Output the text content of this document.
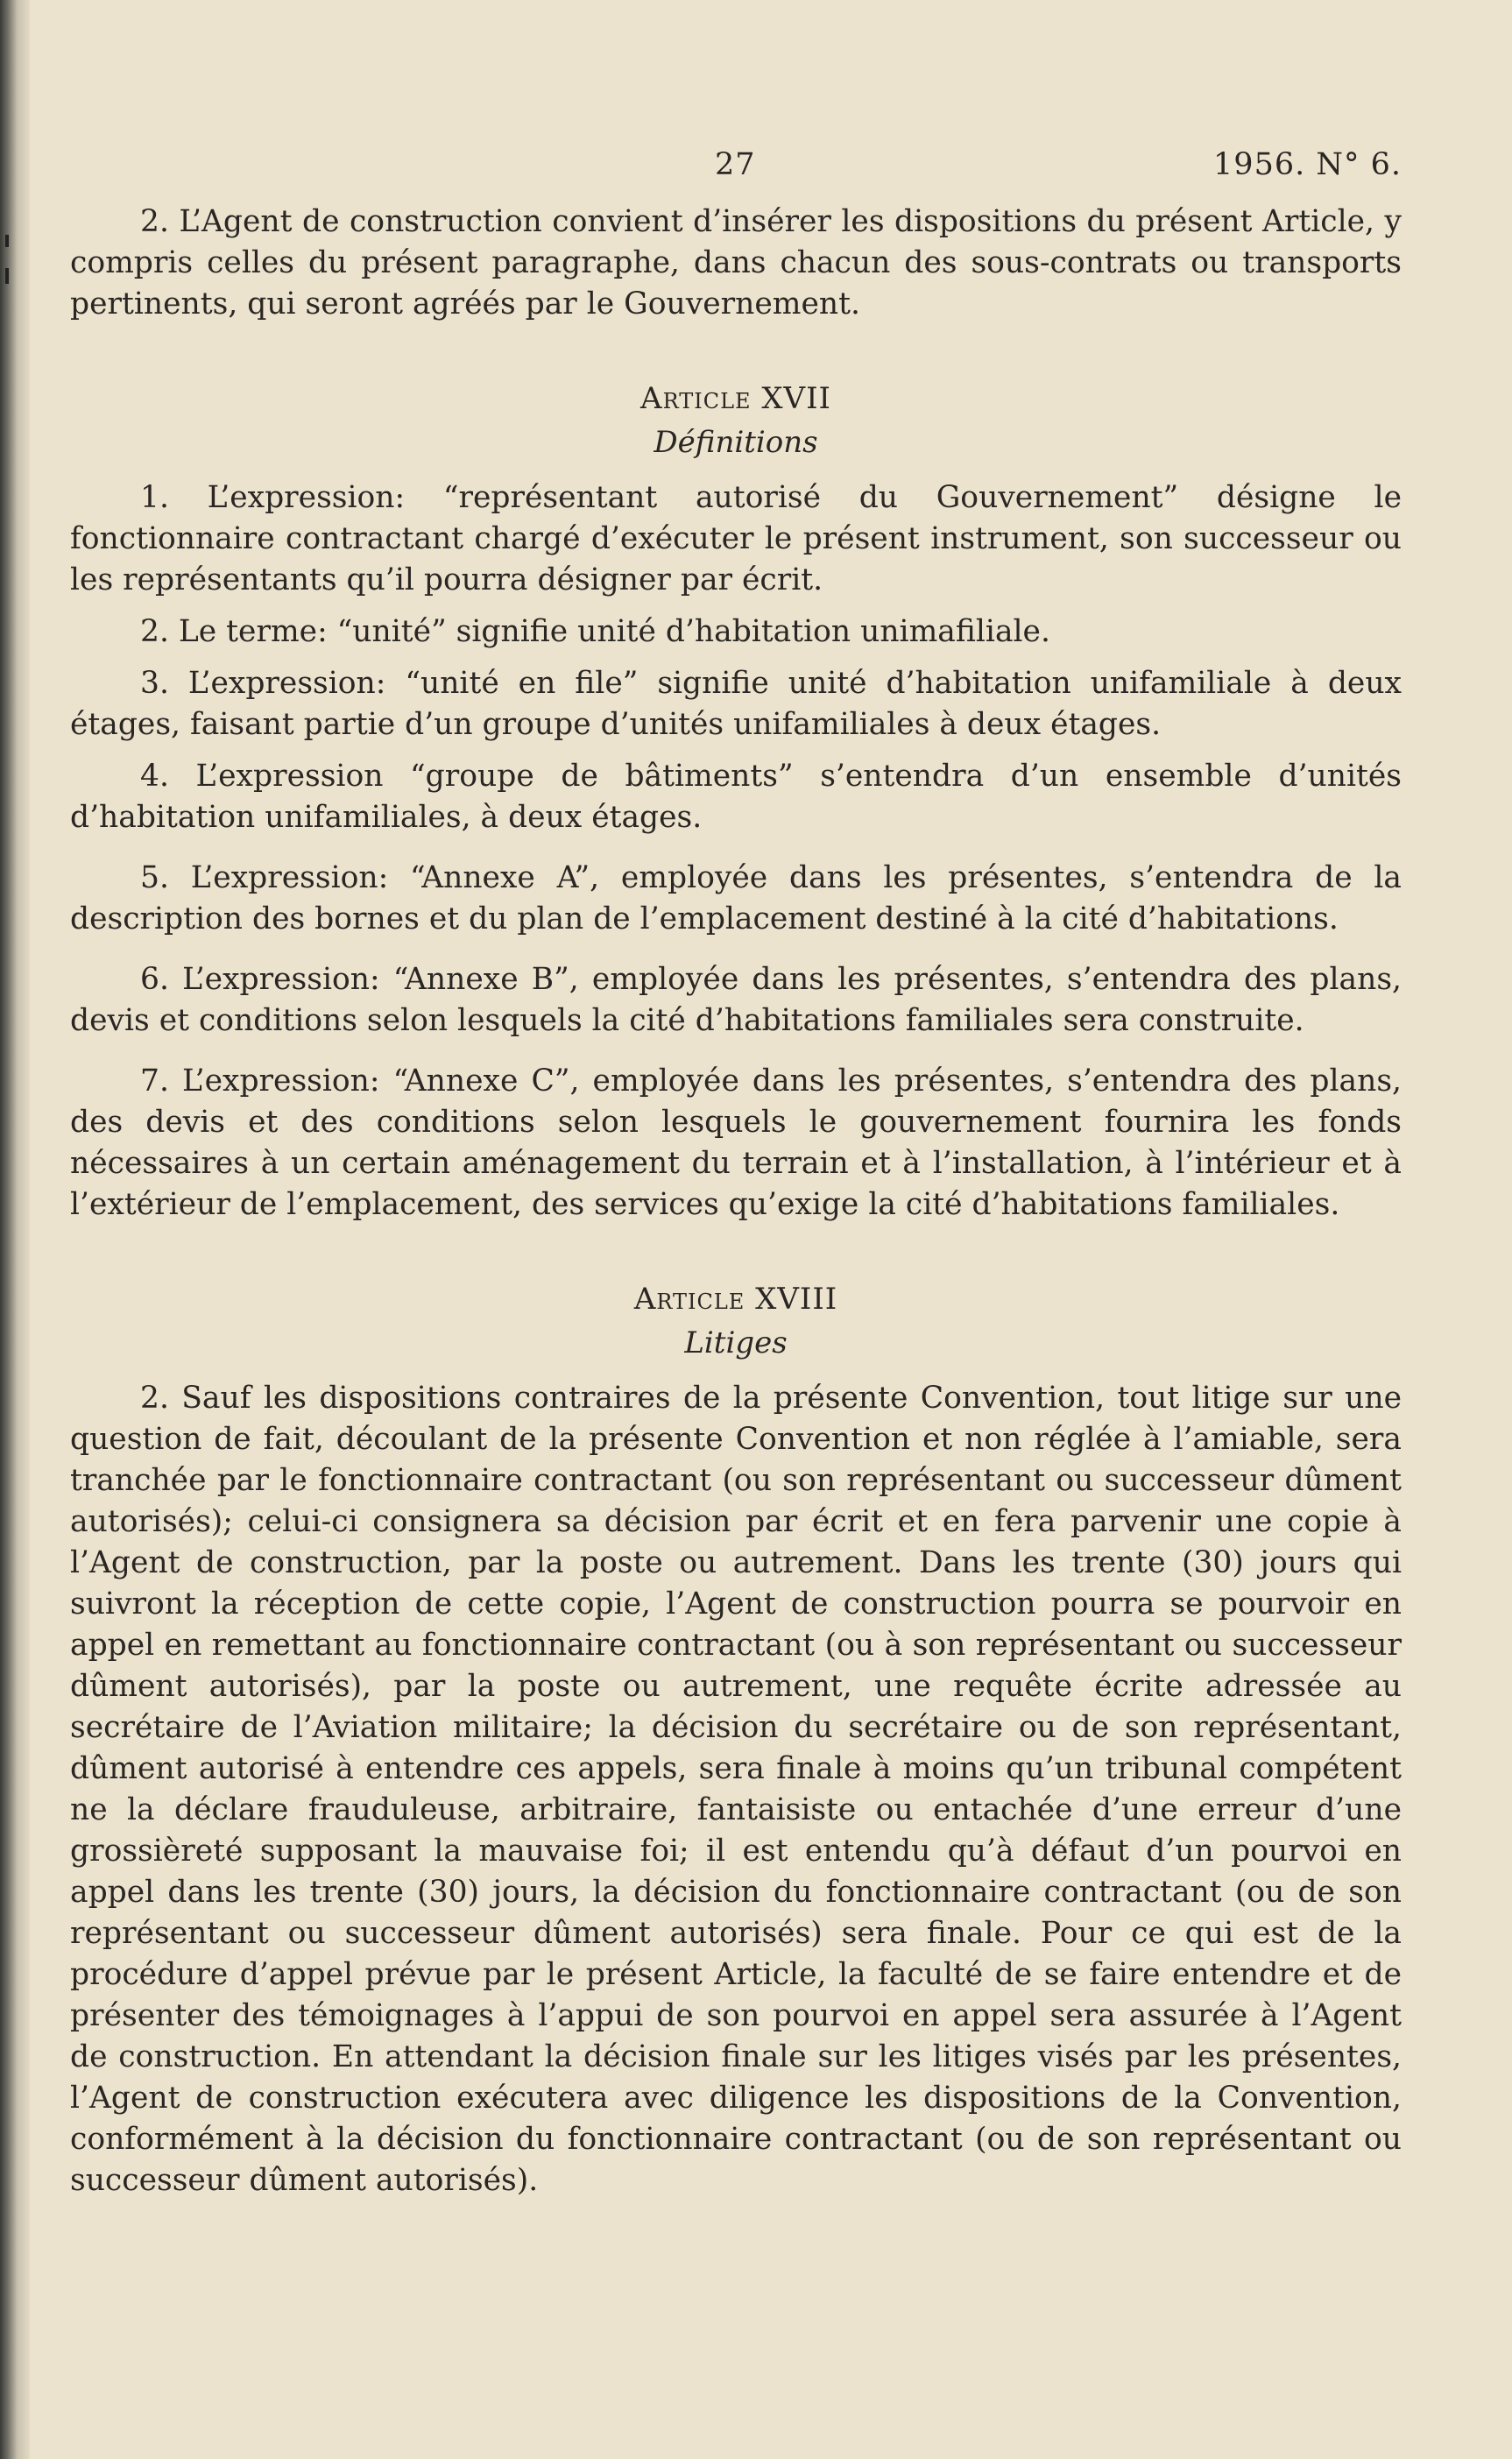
27	1956. N° 6.

2. L’Agent de construction convient d’insérer les dispositions du présent Article, y compris celles du présent paragraphe, dans chacun des sous-contrats ou transports pertinents, qui seront agréés par le Gouvernement.

Article XVII
Définitions

1. L’expression: “représentant autorisé du Gouvernement” désigne le fonctionnaire contractant chargé d’exécuter le présent instrument, son successeur ou les représentants qu’il pourra désigner par écrit.

2. Le terme: “unité” signifie unité d’habitation unimafiliale.

3. L’expression: “unité en file” signifie unité d’habitation unifamiliale à deux étages, faisant partie d’un groupe d’unités unifamiliales à deux étages.

4. L’expression “groupe de bâtiments” s’entendra d’un ensemble d’unités d’habitation unifamiliales, à deux étages.

5. L’expression: “Annexe A”, employée dans les présentes, s’entendra de la description des bornes et du plan de l’emplacement destiné à la cité d’habitations.

6. L’expression: “Annexe B”, employée dans les présentes, s’entendra des plans, devis et conditions selon lesquels la cité d’habitations familiales sera construite.

7. L’expression: “Annexe C”, employée dans les présentes, s’entendra des plans, des devis et des conditions selon lesquels le gouvernement fournira les fonds nécessaires à un certain aménagement du terrain et à l’installation, à l’intérieur et à l’extérieur de l’emplacement, des services qu’exige la cité d’habitations familiales.

Article XVIII
Litiges

2. Sauf les dispositions contraires de la présente Convention, tout litige sur une question de fait, découlant de la présente Convention et non réglée à l’amiable, sera tranchée par le fonctionnaire contractant (ou son représentant ou successeur dûment autorisés); celui-ci consignera sa décision par écrit et en fera parvenir une copie à l’Agent de construction, par la poste ou autrement. Dans les trente (30) jours qui suivront la réception de cette copie, l’Agent de construction pourra se pourvoir en appel en remettant au fonctionnaire contractant (ou à son représentant ou successeur dûment autorisés), par la poste ou autrement, une requête écrite adressée au secrétaire de l’Aviation militaire; la décision du secrétaire ou de son représentant, dûment autorisé à entendre ces appels, sera finale à moins qu’un tribunal compétent ne la déclare frauduleuse, arbitraire, fantaisiste ou entachée d’une erreur d’une grossièreté supposant la mauvaise foi; il est entendu qu’à défaut d’un pourvoi en appel dans les trente (30) jours, la décision du fonctionnaire contractant (ou de son représentant ou successeur dûment autorisés) sera finale. Pour ce qui est de la procédure d’appel prévue par le présent Article, la faculté de se faire entendre et de présenter des témoignages à l’appui de son pourvoi en appel sera assurée à l’Agent de construction. En attendant la décision finale sur les litiges visés par les présentes, l’Agent de construction exécutera avec diligence les dispositions de la Convention, conformément à la décision du fonctionnaire contractant (ou de son représentant ou successeur dûment autorisés).
